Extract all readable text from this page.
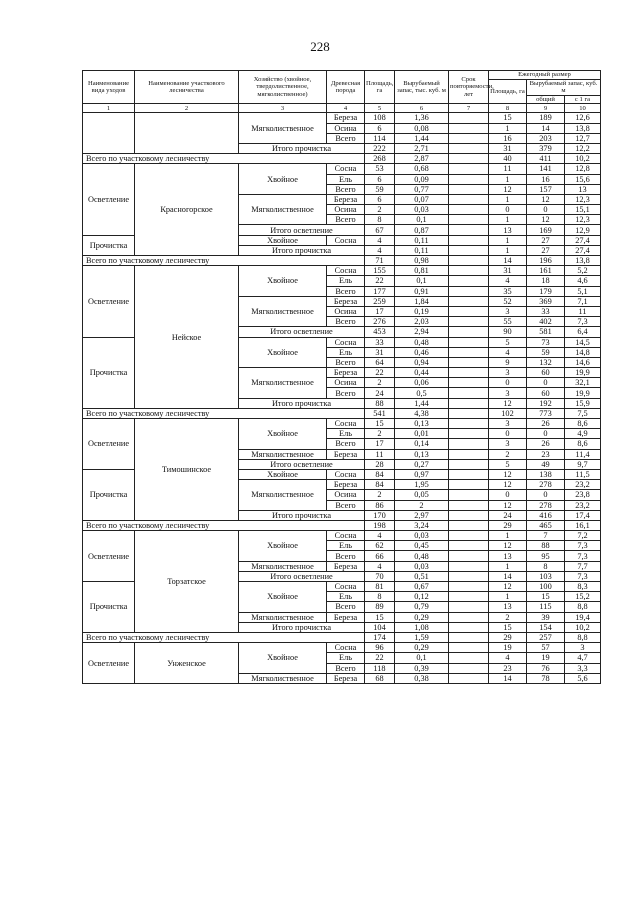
228
Наименование вида уходов	Наименование участкового лесничества	Хозяйство (хвойное, твердолиственное, мягколиственное)	Древесная порода	Площадь, га	Вырубаемый запас, тыс. куб. м	Срок повторяемости, лет	Ежегодный размер		
							Площадь, га	Вырубаемый запас, куб. м	
								общий	с 1 га
1	2	3	4	5	6	7	8	9	10
		Мягколиственное	Береза	108	1,36		15	189	12,6
			Осина	6	0,08		1	14	13,8
			Всего	114	1,44		16	203	12,7
		Итого прочистка		222	2,71		31	379	12,2
Всего по участковому лесничеству				268	2,87		40	411	10,2
Осветление	Красногорское	Хвойное	Сосна	53	0,68		11	141	12,8
			Ель	6	0,09		1	16	15,6
			Всего	59	0,77		12	157	13
		Мягколиственное	Береза	6	0,07		1	12	12,3
			Осина	2	0,03		0	0	15,1
			Всего	8	0,1		1	12	12,3
		Итого осветление		67	0,87		13	169	12,9
Прочистка		Хвойное	Сосна	4	0,11		1	27	27,4
		Итого прочистка		4	0,11		1	27	27,4
Всего по участковому лесничеству				71	0,98		14	196	13,8
Осветление	Нейское	Хвойное	Сосна	155	0,81		31	161	5,2
			Ель	22	0,1		4	18	4,6
			Всего	177	0,91		35	179	5,1
		Мягколиственное	Береза	259	1,84		52	369	7,1
			Осина	17	0,19		3	33	11
			Всего	276	2,03		55	402	7,3
		Итого осветление		453	2,94		90	581	6,4
Прочистка		Хвойное	Сосна	33	0,48		5	73	14,5
			Ель	31	0,46		4	59	14,8
			Всего	64	0,94		9	132	14,6
		Мягколиственное	Береза	22	0,44		3	60	19,9
			Осина	2	0,06		0	0	32,1
			Всего	24	0,5		3	60	19,9
		Итого прочистка		88	1,44		12	192	15,9
Всего по участковому лесничеству				541	4,38		102	773	7,5
Осветление	Тимошинское	Хвойное	Сосна	15	0,13		3	26	8,6
			Ель	2	0,01		0	0	4,9
			Всего	17	0,14		3	26	8,6
		Мягколиственное	Береза	11	0,13		2	23	11,4
		Итого осветление		28	0,27		5	49	9,7
Прочистка		Хвойное	Сосна	84	0,97		12	138	11,5
		Мягколиственное	Береза	84	1,95		12	278	23,2
			Осина	2	0,05		0	0	23,8
			Всего	86	2		12	278	23,2
		Итого прочистка		170	2,97		24	416	17,4
Всего по участковому лесничеству				198	3,24		29	465	16,1
Осветление	Торзатское	Хвойное	Сосна	4	0,03		1	7	7,2
			Ель	62	0,45		12	88	7,3
			Всего	66	0,48		13	95	7,3
		Мягколиственное	Береза	4	0,03		1	8	7,7
		Итого осветление		70	0,51		14	103	7,3
Прочистка		Хвойное	Сосна	81	0,67		12	100	8,3
			Ель	8	0,12		1	15	15,2
			Всего	89	0,79		13	115	8,8
		Мягколиственное	Береза	15	0,29		2	39	19,4
		Итого прочистка		104	1,08		15	154	10,2
Всего по участковому лесничеству				174	1,59		29	257	8,8
Осветление	Унженское	Хвойное	Сосна	96	0,29		19	57	3
			Ель	22	0,1		4	19	4,7
			Всего	118	0,39		23	76	3,3
		Мягколиственное	Береза	68	0,38		14	78	5,6
